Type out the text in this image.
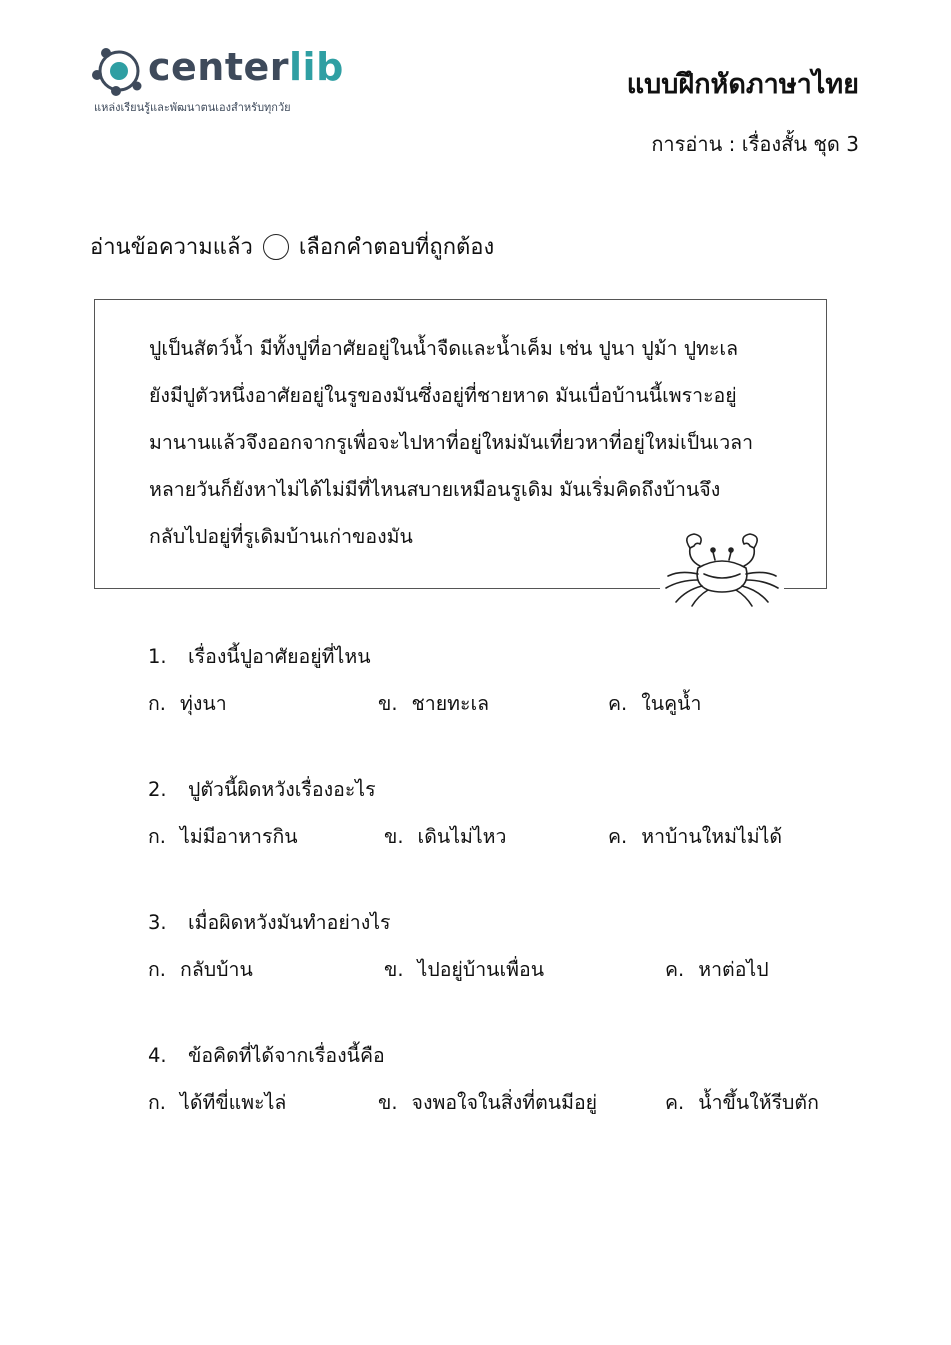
centerlib
แหล่งเรียนรู้และพัฒนาตนเองสำหรับทุกวัย
แบบฝึกหัดภาษาไทย
การอ่าน : เรื่องสั้น ชุด 3
อ่านข้อความแล้ว เลือกคำตอบที่ถูกต้อง
ปูเป็นสัตว์น้ำ มีทั้งปูที่อาศัยอยู่ในน้ำจืดและน้ำเค็ม เช่น ปูนา ปูม้า ปูทะเล
ยังมีปูตัวหนึ่งอาศัยอยู่ในรูของมันซึ่งอยู่ที่ชายหาด มันเบื่อบ้านนี้เพราะอยู่
มานานแล้วจึงออกจากรูเพื่อจะไปหาที่อยู่ใหม่มันเที่ยวหาที่อยู่ใหม่เป็นเวลา
หลายวันก็ยังหาไม่ได้ไม่มีที่ไหนสบายเหมือนรูเดิม มันเริ่มคิดถึงบ้านจึง
กลับไปอยู่ที่รูเดิมบ้านเก่าของมัน
1. เรื่องนี้ปูอาศัยอยู่ที่ไหน
ก. ทุ่งนา	ข. ชายทะเล	ค. ในคูน้ำ
2. ปูตัวนี้ผิดหวังเรื่องอะไร
ก. ไม่มีอาหารกิน	ข. เดินไม่ไหว	ค. หาบ้านใหม่ไม่ได้
3. เมื่อผิดหวังมันทำอย่างไร
ก. กลับบ้าน	ข. ไปอยู่บ้านเพื่อน	ค. หาต่อไป
4. ข้อคิดที่ได้จากเรื่องนี้คือ
ก. ได้ทีขี่แพะไล่	ข. จงพอใจในสิ่งที่ตนมีอยู่	ค. น้ำขึ้นให้รีบตัก
